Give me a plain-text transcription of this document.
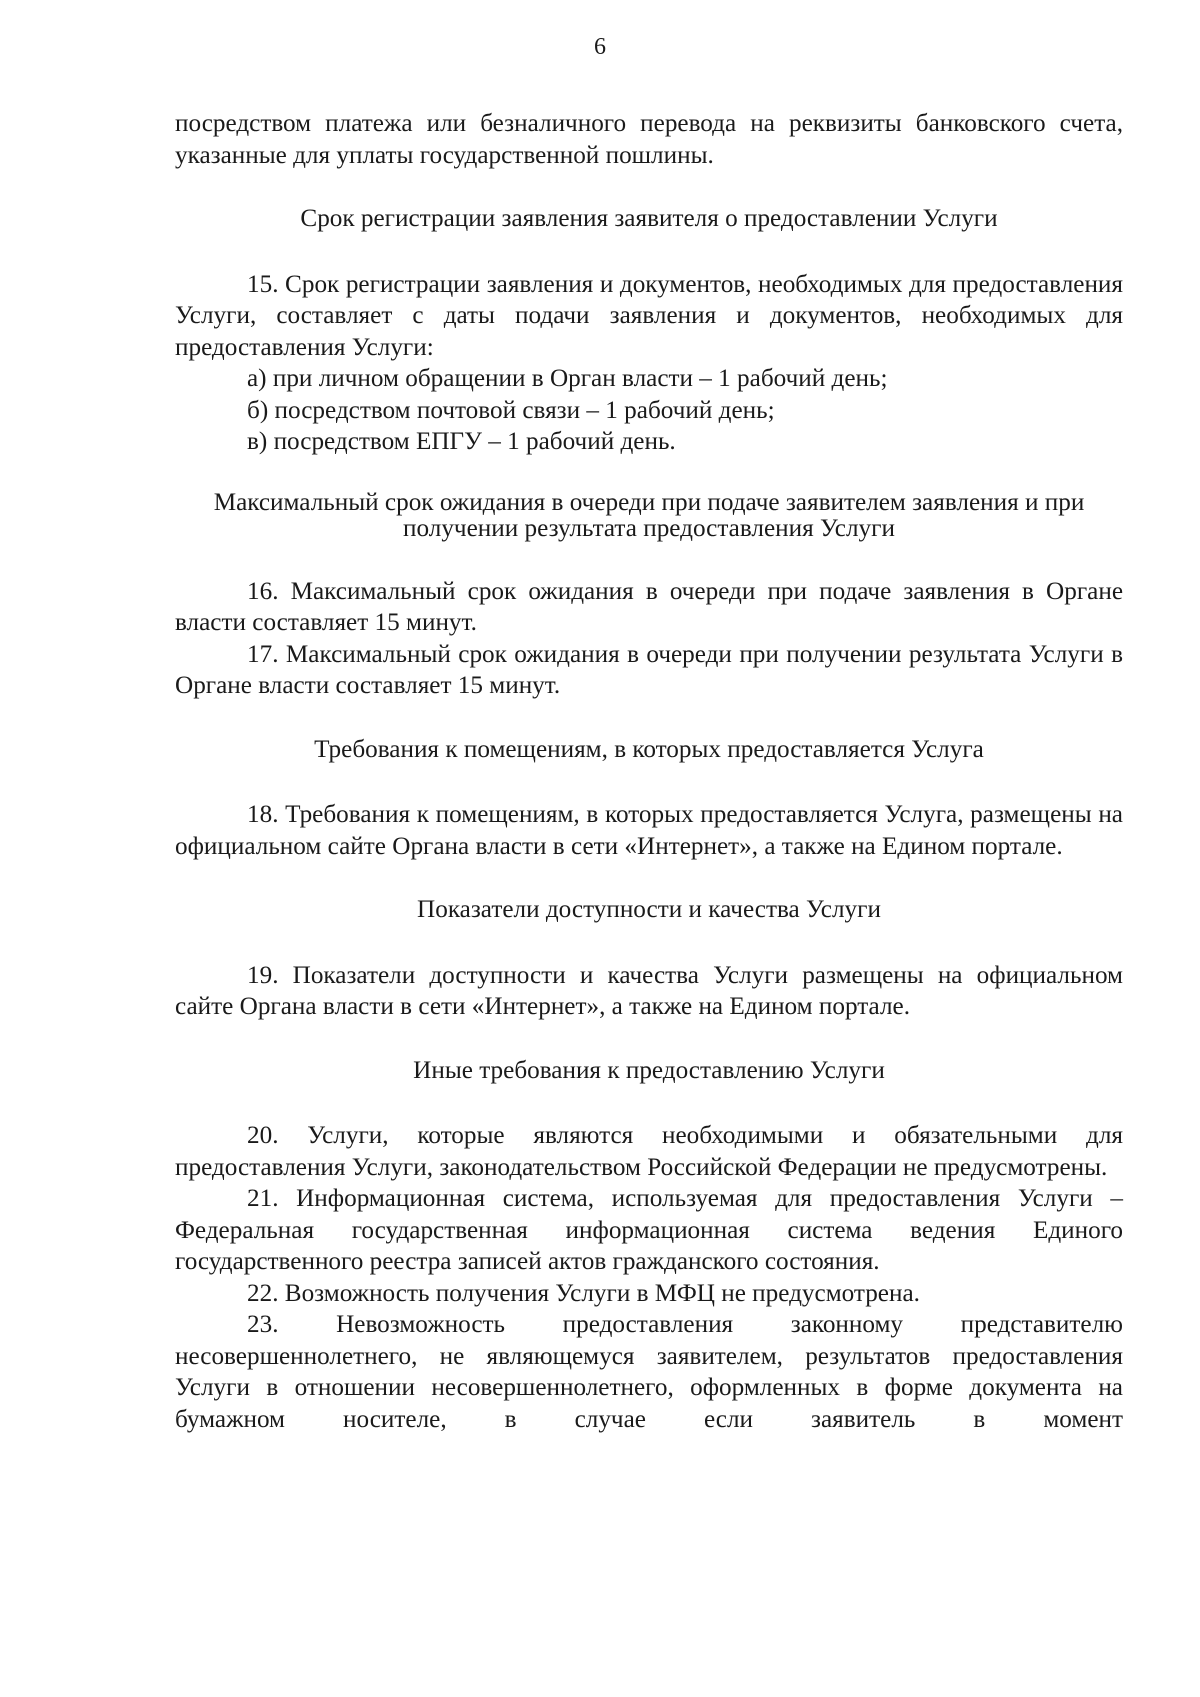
6

посредством платежа или безналичного перевода на реквизиты банковского счета, указанные для уплаты государственной пошлины.

Срок регистрации заявления заявителя о предоставлении Услуги

15. Срок регистрации заявления и документов, необходимых для предоставления Услуги, составляет с даты подачи заявления и документов, необходимых для предоставления Услуги:

а) при личном обращении в Орган власти – 1 рабочий день;

б) посредством почтовой связи – 1 рабочий день;

в) посредством ЕПГУ – 1 рабочий день.

Максимальный срок ожидания в очереди при подаче заявителем заявления и при получении результата предоставления Услуги

16. Максимальный срок ожидания в очереди при подаче заявления в Органе власти составляет 15 минут.

17. Максимальный срок ожидания в очереди при получении результата Услуги в Органе власти составляет 15 минут.

Требования к помещениям, в которых предоставляется Услуга

18. Требования к помещениям, в которых предоставляется Услуга, размещены на официальном сайте Органа власти в сети «Интернет», а также на Едином портале.

Показатели доступности и качества Услуги

19. Показатели доступности и качества Услуги размещены на официальном сайте Органа власти в сети «Интернет», а также на Едином портале.

Иные требования к предоставлению Услуги

20. Услуги, которые являются необходимыми и обязательными для предоставления Услуги, законодательством Российской Федерации не предусмотрены.

21. Информационная система, используемая для предоставления Услуги – Федеральная государственная информационная система ведения Единого государственного реестра записей актов гражданского состояния.

22. Возможность получения Услуги в МФЦ не предусмотрена.

23. Невозможность предоставления законному представителю несовершеннолетнего, не являющемуся заявителем, результатов предоставления Услуги в отношении несовершеннолетнего, оформленных в форме документа на бумажном носителе, в случае если заявитель в момент
